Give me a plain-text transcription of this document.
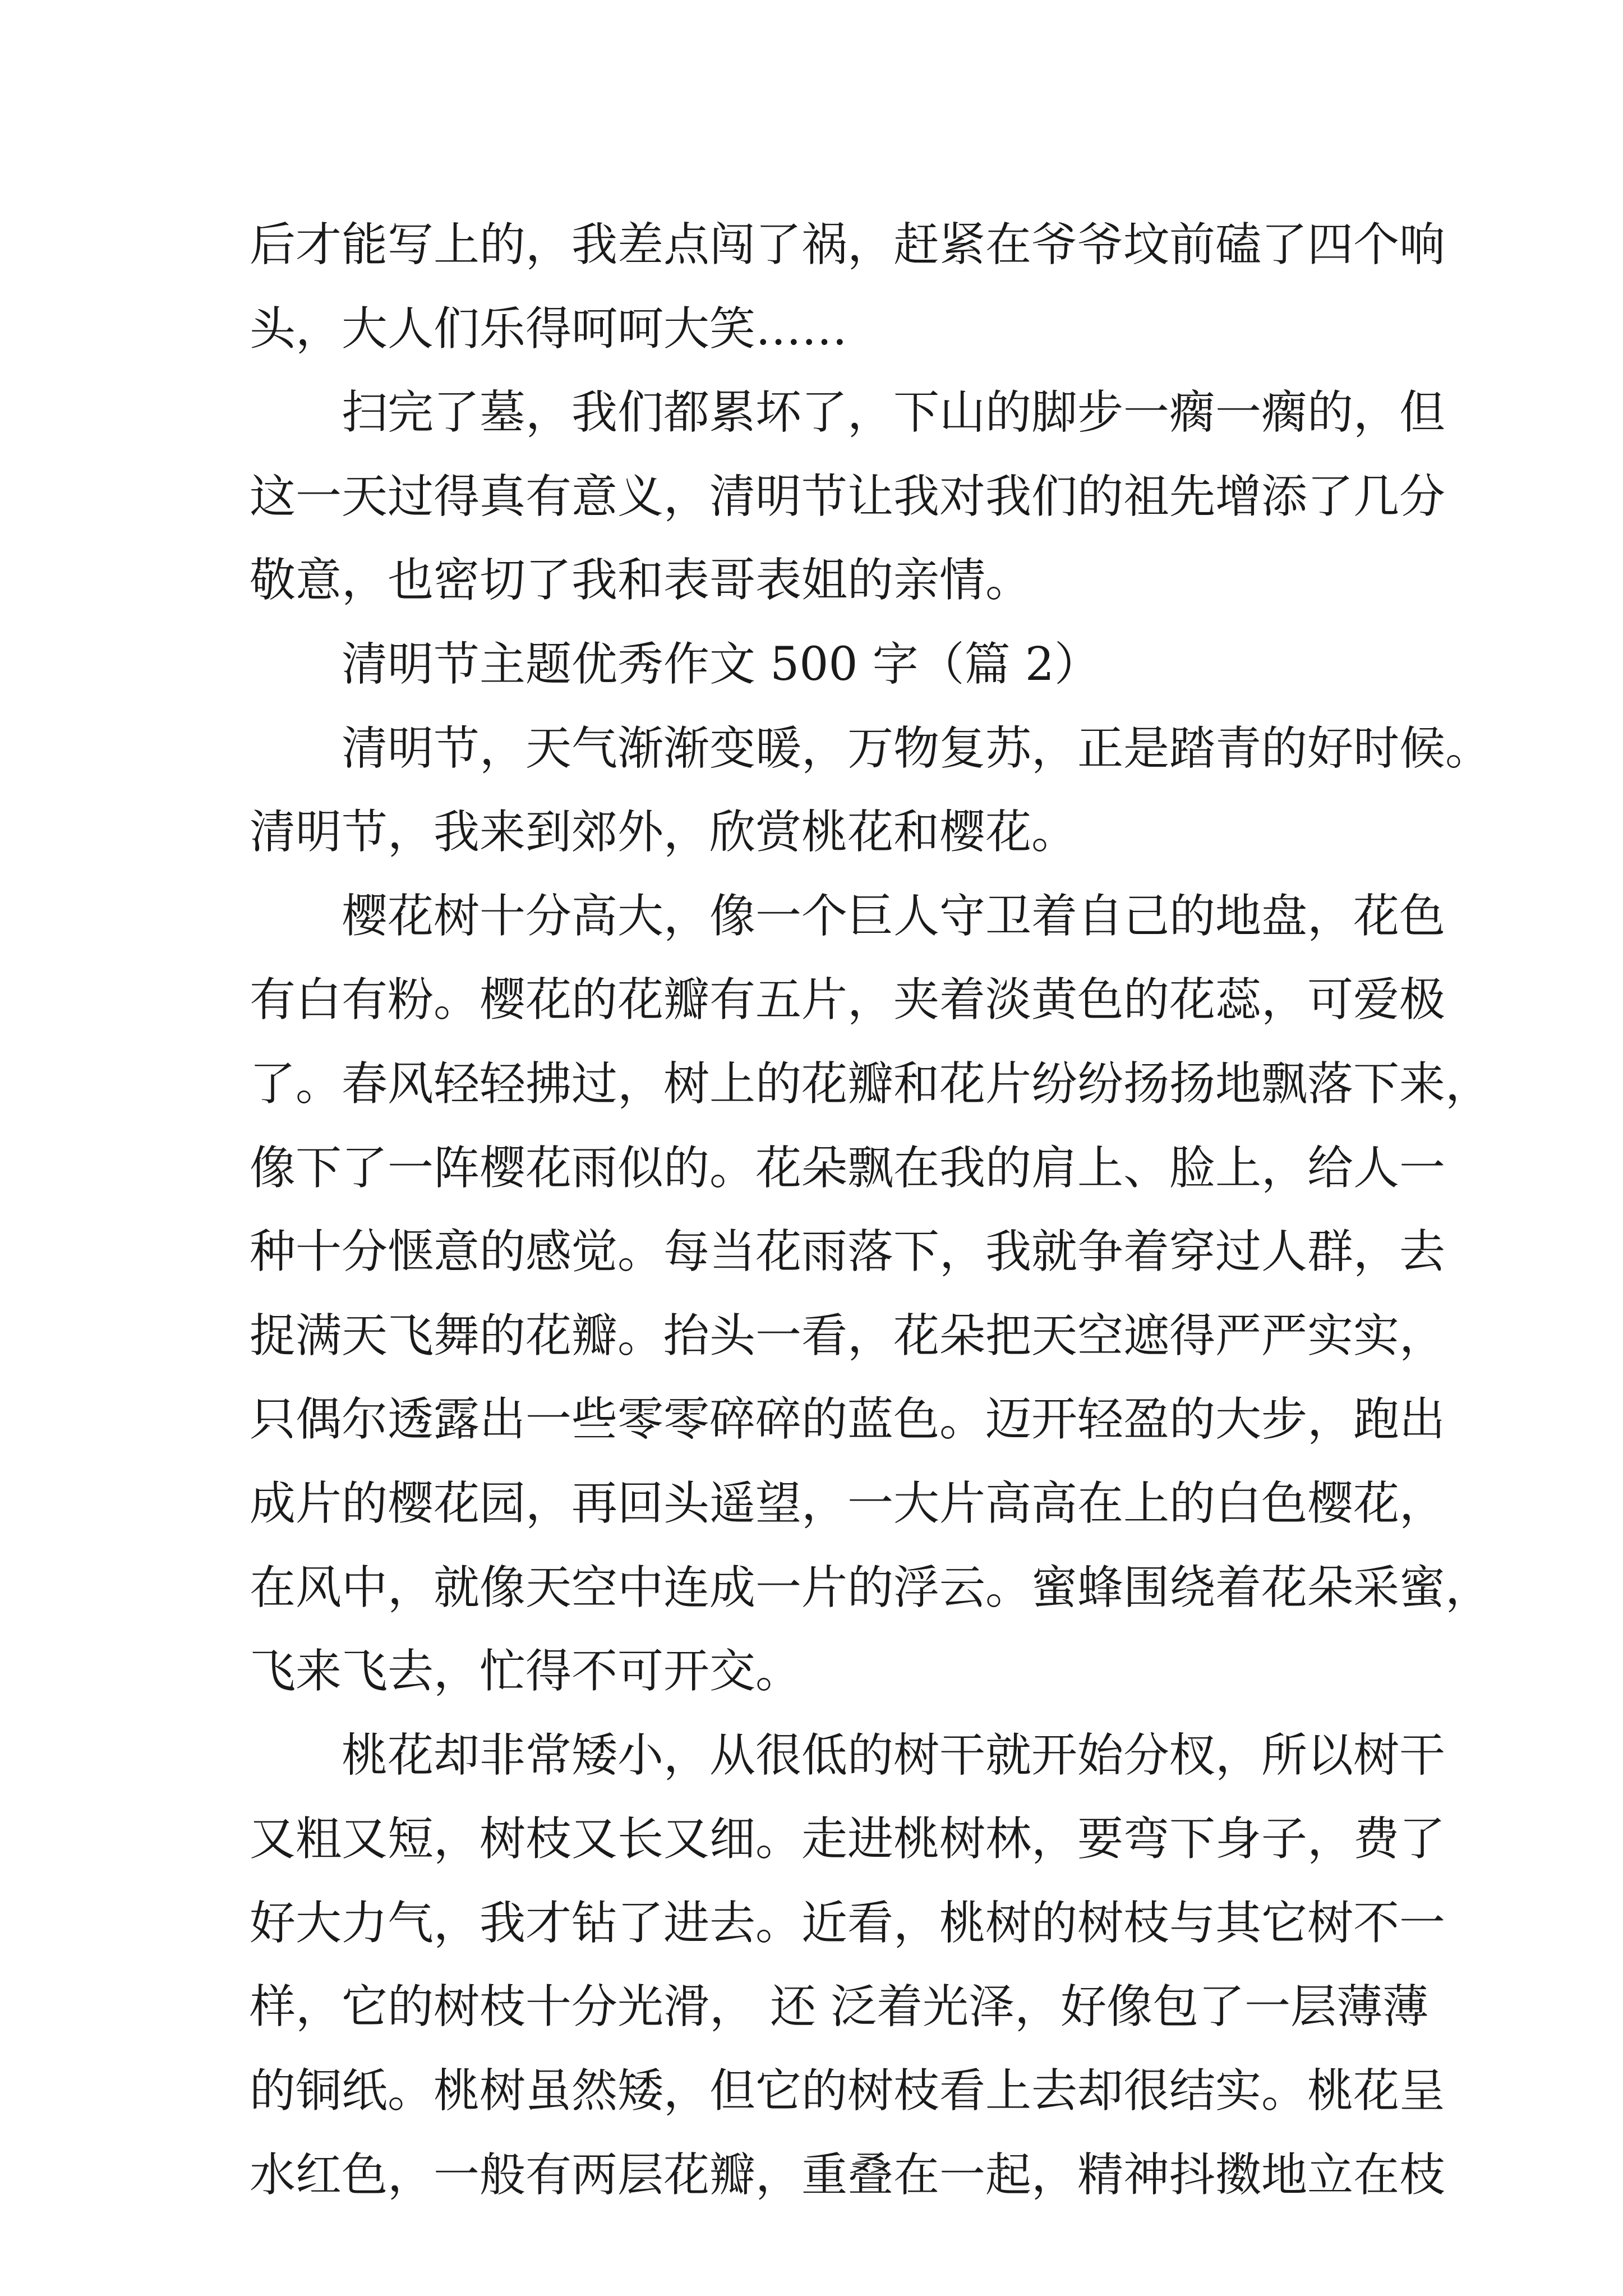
后才能写上的，我差点闯了祸，赶紧在爷爷坟前磕了四个响
头，大人们乐得呵呵大笑……
扫完了墓，我们都累坏了，下山的脚步一瘸一瘸的，但
这一天过得真有意义，清明节让我对我们的祖先增添了几分
敬意，也密切了我和表哥表姐的亲情。
清明节主题优秀作文 500 字（篇 2）
清明节，天气渐渐变暖，万物复苏，正是踏青的好时候。
清明节，我来到郊外，欣赏桃花和樱花。
樱花树十分高大，像一个巨人守卫着自己的地盘，花色
有白有粉。樱花的花瓣有五片，夹着淡黄色的花蕊，可爱极
了。春风轻轻拂过，树上的花瓣和花片纷纷扬扬地飘落下来，
像下了一阵樱花雨似的。花朵飘在我的肩上、脸上，给人一
种十分惬意的感觉。每当花雨落下，我就争着穿过人群，去
捉满天飞舞的花瓣。抬头一看，花朵把天空遮得严严实实，
只偶尔透露出一些零零碎碎的蓝色。迈开轻盈的大步，跑出
成片的樱花园，再回头遥望，一大片高高在上的白色樱花，
在风中，就像天空中连成一片的浮云。蜜蜂围绕着花朵采蜜，
飞来飞去，忙得不可开交。
桃花却非常矮小，从很低的树干就开始分杈，所以树干
又粗又短，树枝又长又细。走进桃树林，要弯下身子，费了
好大力气，我才钻了进去。近看，桃树的树枝与其它树不一
样，它的树枝十分光滑， 还 泛着光泽，好像包了一层薄薄
的铜纸。桃树虽然矮，但它的树枝看上去却很结实。桃花呈
水红色，一般有两层花瓣，重叠在一起，精神抖擞地立在枝
